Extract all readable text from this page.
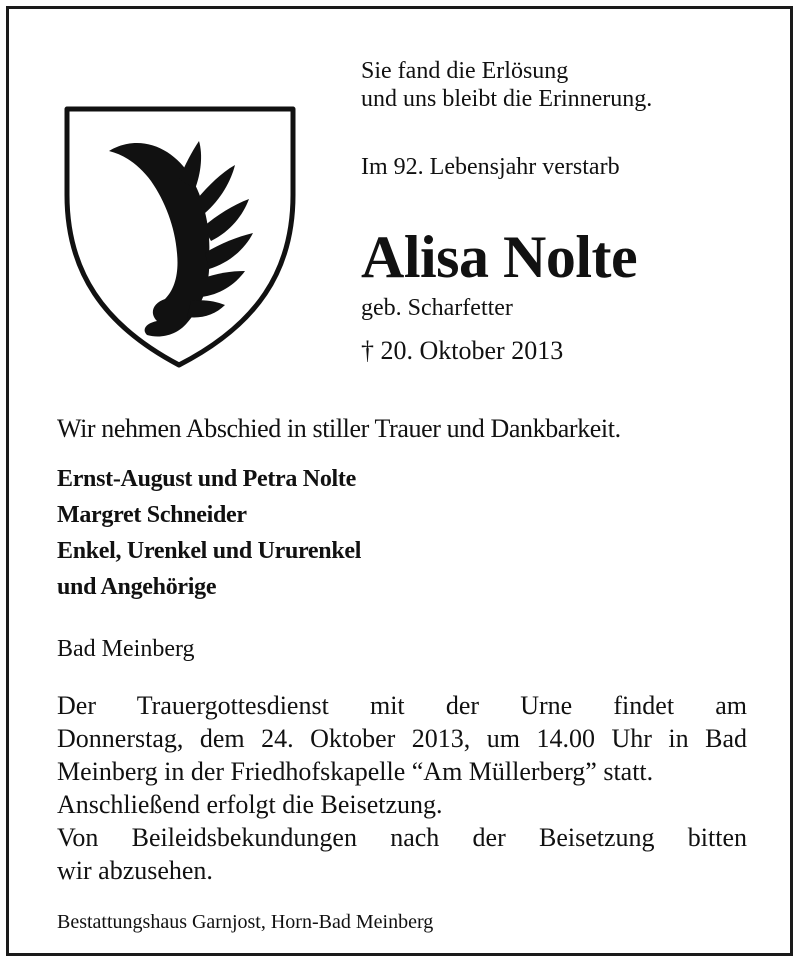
Sie fand die Erlösung
und uns bleibt die Erinnerung.
Im 92. Lebensjahr verstarb
Alisa Nolte
geb. Scharfetter
† 20. Oktober 2013
Wir nehmen Abschied in stiller Trauer und Dankbarkeit.
Ernst-August und Petra Nolte
Margret Schneider
Enkel, Urenkel und Ururenkel
und Angehörige
Bad Meinberg
Der Trauergottesdienst mit der Urne findet am
Donnerstag, dem 24. Oktober 2013, um 14.00 Uhr in Bad
Meinberg in der Friedhofskapelle “Am Müllerberg” statt.
Anschließend erfolgt die Beisetzung.
Von Beileidsbekundungen nach der Beisetzung bitten
wir abzusehen.
Bestattungshaus Garnjost, Horn-Bad Meinberg
